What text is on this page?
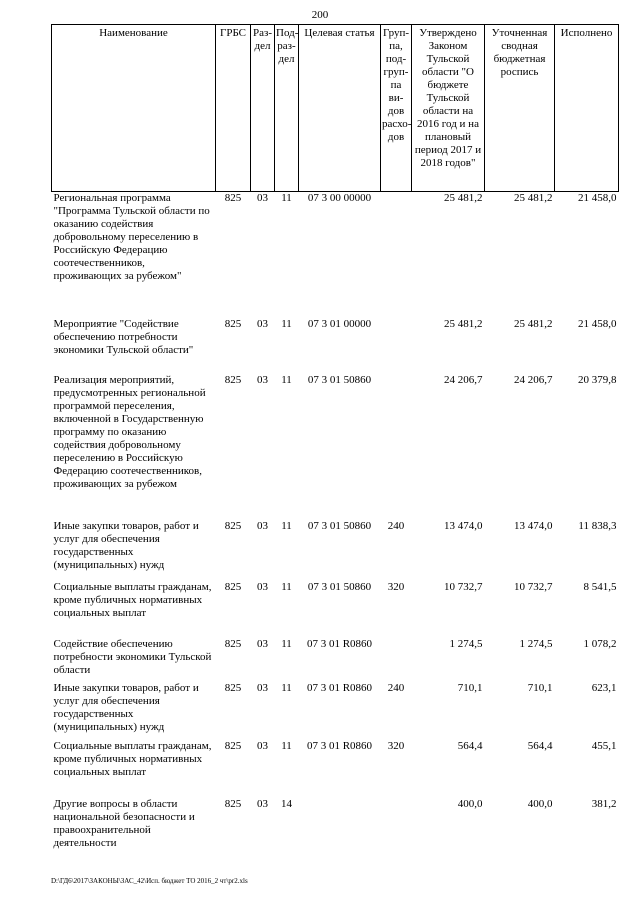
200
Наименование	ГРБС	Раз-дел	Под-раз-дел	Целевая статья	Груп-па, под-груп-па ви-дов расхо-дов	Утверждено Законом Тульской области "О бюджете Тульской области на 2016 год и на плановый период 2017 и 2018 годов"	Уточненная сводная бюджетная роспись	Исполнено
Региональная программа "Программа Тульской области по оказанию содействия добровольному переселению в Российскую Федерацию соотечественников, проживающих за рубежом"	825	03	11	07 3 00 00000		25 481,2	25 481,2	21 458,0
Мероприятие "Содействие обеспечению потребности экономики Тульской области"	825	03	11	07 3 01 00000		25 481,2	25 481,2	21 458,0
Реализация мероприятий, предусмотренных региональной программой переселения, включенной в Государственную программу по оказанию содействия добровольному переселению в Российскую Федерацию соотечественников, проживающих за рубежом	825	03	11	07 3 01 50860		24 206,7	24 206,7	20 379,8
Иные закупки товаров, работ и услуг для обеспечения государственных (муниципальных) нужд	825	03	11	07 3 01 50860	240	13 474,0	13 474,0	11 838,3
Социальные выплаты гражданам, кроме публичных нормативных социальных выплат	825	03	11	07 3 01 50860	320	10 732,7	10 732,7	8 541,5
Содействие обеспечению потребности экономики Тульской области	825	03	11	07 3 01 R0860		1 274,5	1 274,5	1 078,2
Иные закупки товаров, работ и услуг для обеспечения государственных (муниципальных) нужд	825	03	11	07 3 01 R0860	240	710,1	710,1	623,1
Социальные выплаты гражданам, кроме публичных нормативных социальных выплат	825	03	11	07 3 01 R0860	320	564,4	564,4	455,1
Другие вопросы в области национальной безопасности и правоохранительной деятельности	825	03	14			400,0	400,0	381,2
D:\ГД6\2017\ЗАКОНЫ\ЗАС_42\Исп. бюджет ТО 2016_2 чт\pr2.xls
